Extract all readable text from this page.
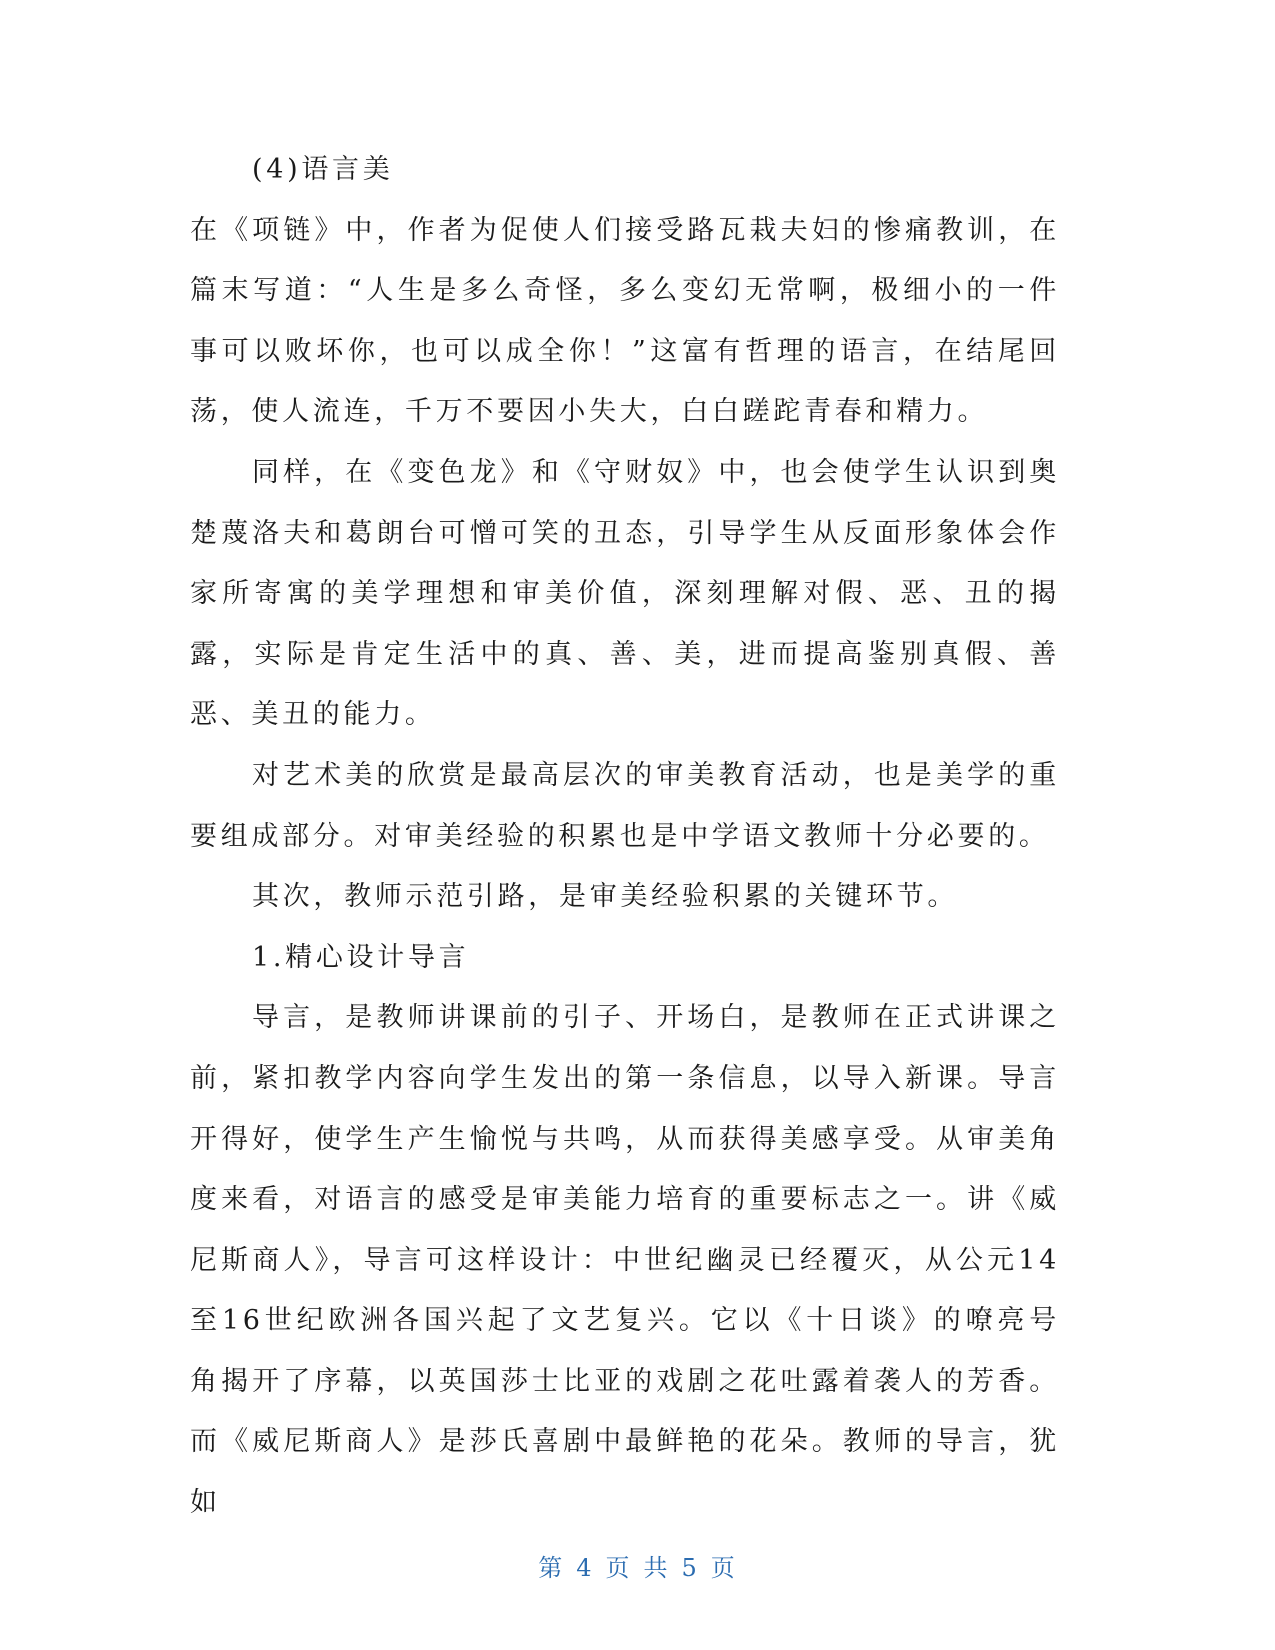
(4)语言美

在《项链》中，作者为促使人们接受路瓦栽夫妇的惨痛教训，在篇末写道：“人生是多么奇怪，多么变幻无常啊，极细小的一件事可以败坏你，也可以成全你！”这富有哲理的语言，在结尾回荡，使人流连，千万不要因小失大，白白蹉跎青春和精力。

同样，在《变色龙》和《守财奴》中，也会使学生认识到奥楚蔑洛夫和葛朗台可憎可笑的丑态，引导学生从反面形象体会作家所寄寓的美学理想和审美价值，深刻理解对假、恶、丑的揭露，实际是肯定生活中的真、善、美，进而提高鉴别真假、善恶、美丑的能力。

对艺术美的欣赏是最高层次的审美教育活动，也是美学的重要组成部分。对审美经验的积累也是中学语文教师十分必要的。

其次，教师示范引路，是审美经验积累的关键环节。

1.精心设计导言

导言，是教师讲课前的引子、开场白，是教师在正式讲课之前，紧扣教学内容向学生发出的第一条信息，以导入新课。导言开得好，使学生产生愉悦与共鸣，从而获得美感享受。从审美角度来看，对语言的感受是审美能力培育的重要标志之一。讲《威尼斯商人》，导言可这样设计：中世纪幽灵已经覆灭，从公元14至16世纪欧洲各国兴起了文艺复兴。它以《十日谈》的嘹亮号角揭开了序幕，以英国莎士比亚的戏剧之花吐露着袭人的芳香。而《威尼斯商人》是莎氏喜剧中最鲜艳的花朵。教师的导言，犹如

第 4 页 共 5 页
